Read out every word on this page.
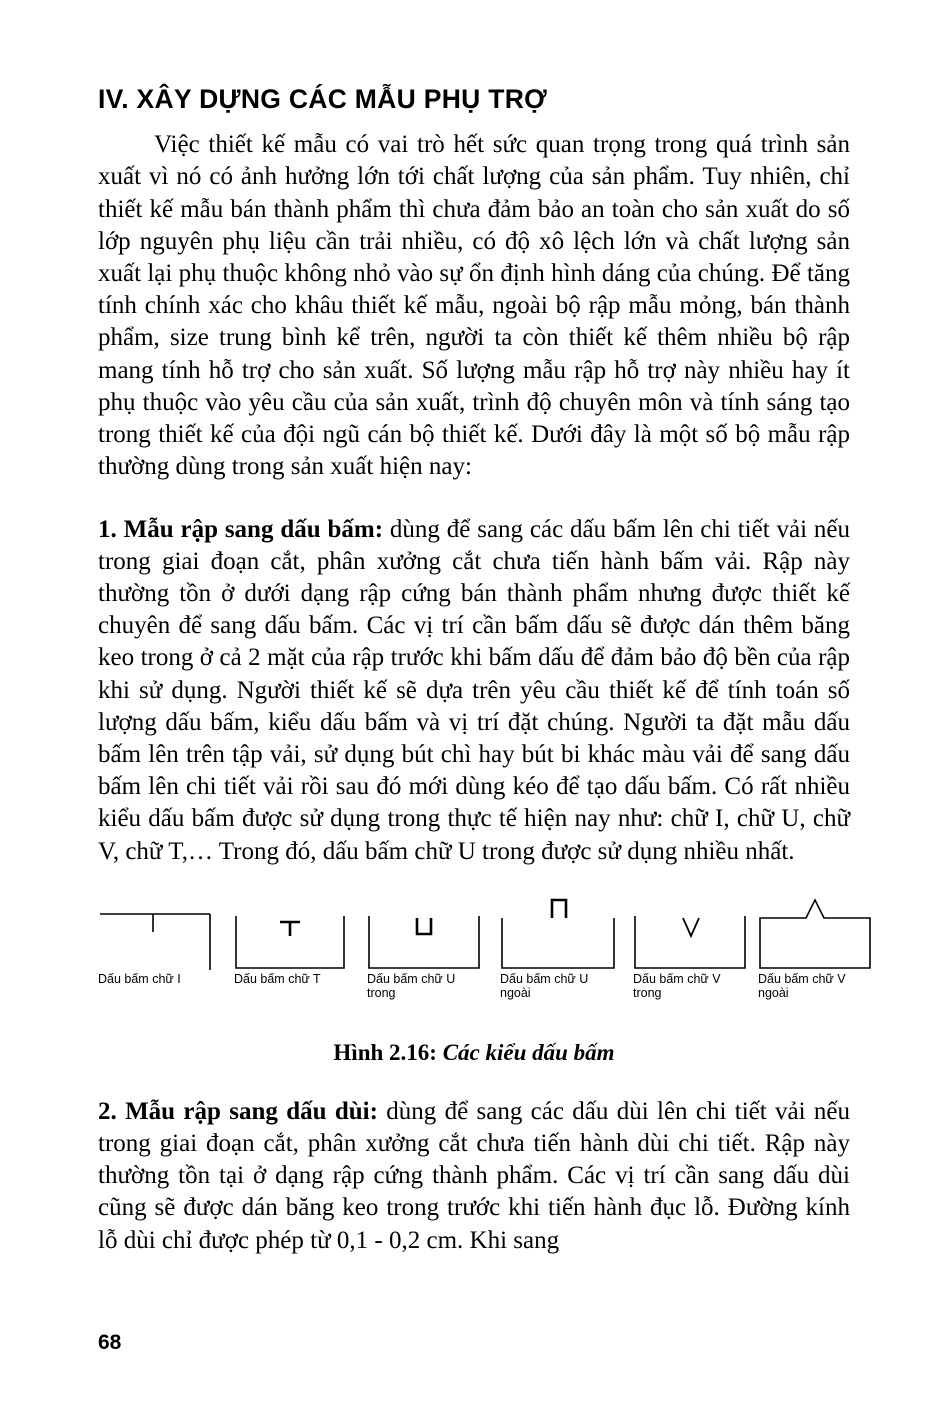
IV. XÂY DỰNG CÁC MẪU PHỤ TRỢ

Việc thiết kế mẫu có vai trò hết sức quan trọng trong quá trình sản xuất vì nó có ảnh hưởng lớn tới chất lượng của sản phẩm. Tuy nhiên, chỉ thiết kế mẫu bán thành phẩm thì chưa đảm bảo an toàn cho sản xuất do số lớp nguyên phụ liệu cần trải nhiều, có độ xô lệch lớn và chất lượng sản xuất lại phụ thuộc không nhỏ vào sự ổn định hình dáng của chúng. Để tăng tính chính xác cho khâu thiết kế mẫu, ngoài bộ rập mẫu mỏng, bán thành phẩm, size trung bình kể trên, người ta còn thiết kế thêm nhiều bộ rập mang tính hỗ trợ cho sản xuất. Số lượng mẫu rập hỗ trợ này nhiều hay ít phụ thuộc vào yêu cầu của sản xuất, trình độ chuyên môn và tính sáng tạo trong thiết kế của đội ngũ cán bộ thiết kế. Dưới đây là một số bộ mẫu rập thường dùng trong sản xuất hiện nay:

1. Mẫu rập sang dấu bấm: dùng để sang các dấu bấm lên chi tiết vải nếu trong giai đoạn cắt, phân xưởng cắt chưa tiến hành bấm vải. Rập này thường tồn ở dưới dạng rập cứng bán thành phẩm nhưng được thiết kế chuyên để sang dấu bấm. Các vị trí cần bấm dấu sẽ được dán thêm băng keo trong ở cả 2 mặt của rập trước khi bấm dấu để đảm bảo độ bền của rập khi sử dụng. Người thiết kế sẽ dựa trên yêu cầu thiết kế để tính toán số lượng dấu bấm, kiểu dấu bấm và vị trí đặt chúng. Người ta đặt mẫu dấu bấm lên trên tập vải, sử dụng bút chì hay bút bi khác màu vải để sang dấu bấm lên chi tiết vải rồi sau đó mới dùng kéo để tạo dấu bấm. Có rất nhiều kiểu dấu bấm được sử dụng trong thực tế hiện nay như: chữ I, chữ U, chữ V, chữ T,… Trong đó, dấu bấm chữ U trong được sử dụng nhiều nhất.

Dấu bấm chữ I	Dấu bấm chữ T	Dấu bấm chữ U trong
Dấu bấm chữ U ngoài
Dấu bấm chữ V trong
Dấu bấm chữ V ngoài
Hình 2.16: Các kiểu dấu bấm

2. Mẫu rập sang dấu dùi: dùng để sang các dấu dùi lên chi tiết vải nếu trong giai đoạn cắt, phân xưởng cắt chưa tiến hành dùi chi tiết. Rập này thường tồn tại ở dạng rập cứng thành phẩm. Các vị trí cần sang dấu dùi cũng sẽ được dán băng keo trong trước khi tiến hành đục lỗ. Đường kính lỗ dùi chỉ được phép từ 0,1 - 0,2 cm. Khi sang

68
